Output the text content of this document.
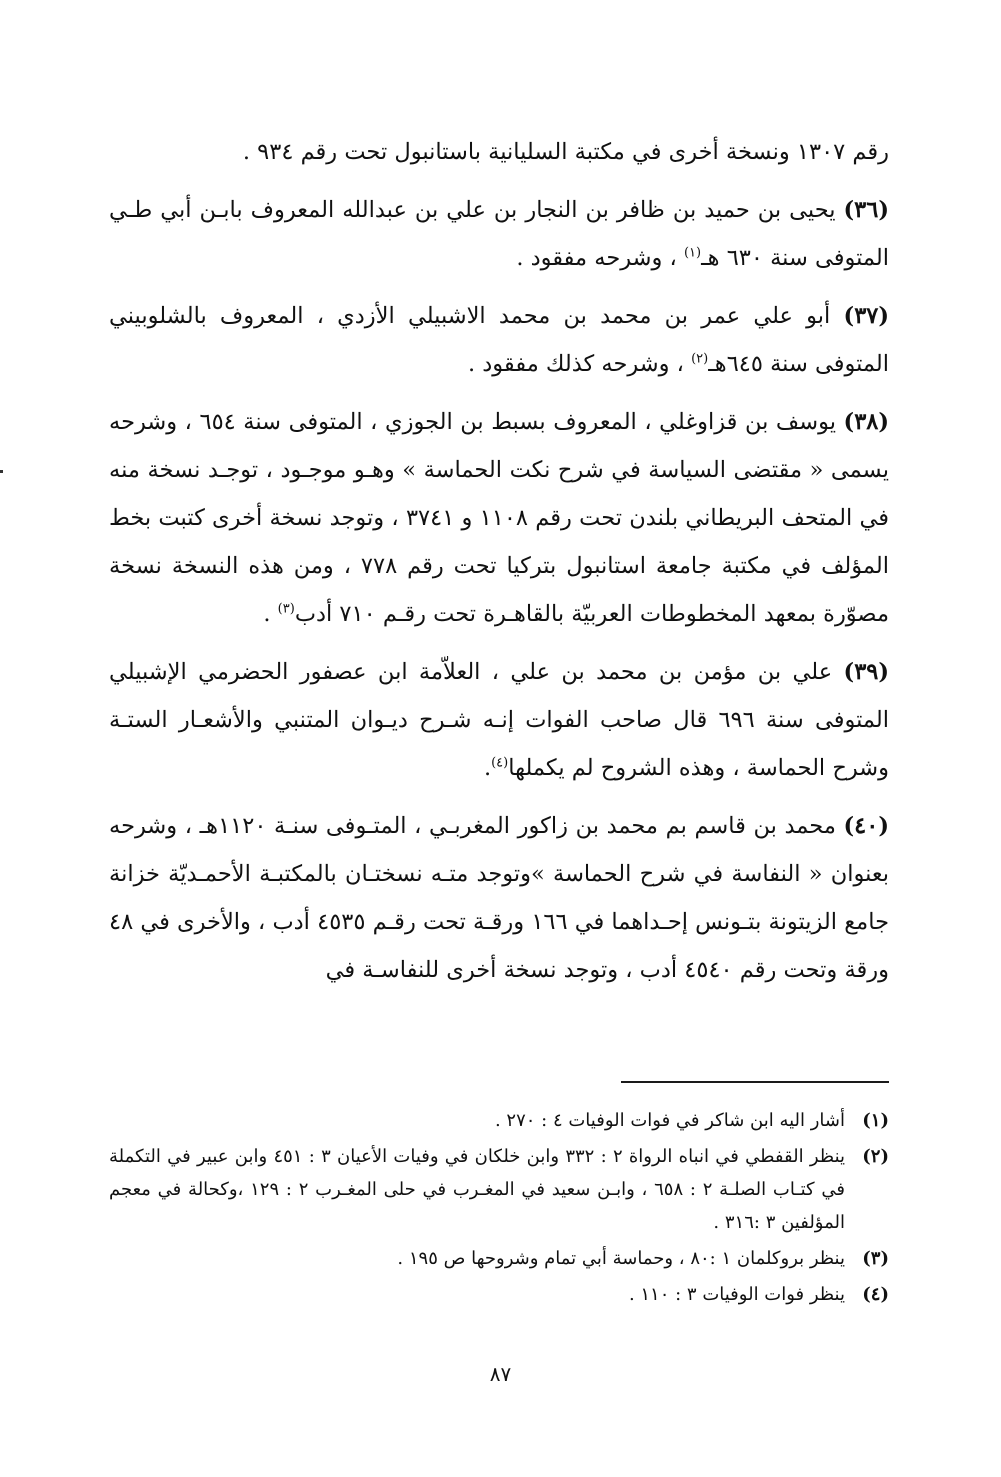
رقم ١٣٠٧ ونسخة أخرى في مكتبة السليانية باستانبول تحت رقم ٩٣٤ .

(٣٦) يحيى بن حميد بن ظافر بن النجار بن علي بن عبدالله المعروف بابـن أبي طـي المتوفى سنة ٦٣٠ هـ$^{(١)}$ ، وشرحه مفقود .

(٣٧) أبو علي عمر بن محمد بن محمد الاشبيلي الأزدي ، المعروف بالشلوبيني المتوفى سنة ٦٤٥هـ$^{(٢)}$ ، وشرحه كذلك مفقود .

(٣٨) يوسف بن قزاوغلي ، المعروف بسبط بن الجوزي ، المتوفى سنة ٦٥٤ ، وشرحه يسمى « مقتضى السياسة في شرح نكت الحماسة » وهـو موجـود ، توجـد نسخة منه في المتحف البريطاني بلندن تحت رقم ١١٠٨ و ٣٧٤١ ، وتوجد نسخة أخرى كتبت بخط المؤلف في مكتبة جامعة استانبول بتركيا تحت رقم ٧٧٨ ، ومن هذه النسخة نسخة مصوّرة بمعهد المخطوطات العربيّة بالقاهـرة تحت رقـم ٧١٠ أدب$^{(٣)}$ .

(٣٩) علي بن مؤمن بن محمد بن علي ، العلاّمة ابن عصفور الحضرمي الإشبيلي المتوفى سنة ٦٩٦ قال صاحب الفوات إنـه شـرح ديـوان المتنبي والأشعـار الستـة وشرح الحماسة ، وهذه الشروح لم يكملها$^{(٤)}$.

(٤٠) محمد بن قاسم بم محمد بن زاكور المغربـي ، المتـوفى سنـة ١١٢٠هـ ، وشرحه بعنوان « النفاسة في شرح الحماسة »وتوجد متـه نسختـان بالمكتبـة الأحمـديّة خزانة جامع الزيتونة بتـونس إحـداهما في ١٦٦ ورقـة تحت رقـم ٤٥٣٥ أدب ، والأخرى في ٤٨ ورقة وتحت رقم ٤٥٤٠ أدب ، وتوجد نسخة أخرى للنفاسـة في

(١)
أشار اليه ابن شاكر في فوات الوفيات ٤ : ٢٧٠ .
(٢)
ينظر القفطي في انباه الرواة ٢ : ٣٣٢ وابن خلكان في وفيات الأعيان ٣ : ٤٥١ وابن عبير في التكملة في كتـاب الصلـة ٢ : ٦٥٨ ، وابـن سعيد في المغـرب في حلى المغـرب ٢ : ١٢٩ ،وكحالة في معجم المؤلفين ٣ :٣١٦ .
(٣)
ينظر بروكلمان ١ :٨٠ ، وحماسة أبي تمام وشروحها ص ١٩٥ .
(٤)
ينظر فوات الوفيات ٣ : ١١٠ .
٨٧
